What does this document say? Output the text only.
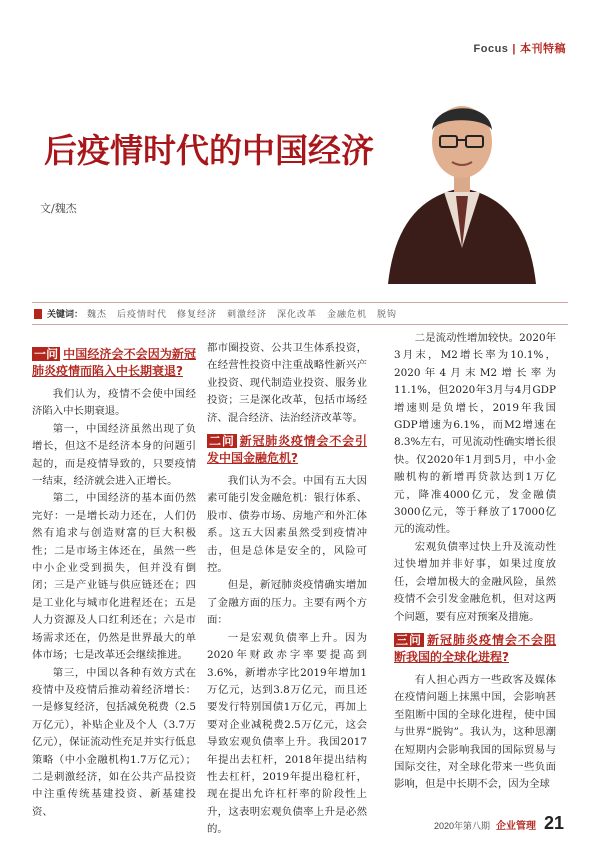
Focus | 本刊特稿
后疫情时代的中国经济
文/魏杰
关键词： 魏杰　后疫情时代　修复经济　刺激经济　深化改革　金融危机　脱钩
一问 中国经济会不会因为新冠肺炎疫情而陷入中长期衰退?

我们认为，疫情不会使中国经济陷入中长期衰退。

第一，中国经济虽然出现了负增长，但这不是经济本身的问题引起的，而是疫情导致的，只要疫情一结束，经济就会进入正增长。

第二，中国经济的基本面仍然完好：一是增长动力还在，人们仍然有追求与创造财富的巨大积极性；二是市场主体还在，虽然一些中小企业受到损失，但并没有倒闭；三是产业链与供应链还在；四是工业化与城市化进程还在；五是人力资源及人口红利还在；六是市场需求还在，仍然是世界最大的单体市场；七是改革还会继续推进。

第三，中国以各种有效方式在疫情中及疫情后推动着经济增长：一是修复经济，包括减免税费（2.5万亿元），补贴企业及个人（3.7万亿元），保证流动性充足并实行低息策略（中小金融机构1.7万亿元）；二是刺激经济，如在公共产品投资中注重传统基建投资、新基建投资、

都市圈投资、公共卫生体系投资，在经营性投资中注重战略性新兴产业投资、现代制造业投资、服务业投资；三是深化改革，包括市场经济、混合经济、法治经济改革等。

二问 新冠肺炎疫情会不会引发中国金融危机?

我们认为不会。中国有五大因素可能引发金融危机：银行体系、股市、债券市场、房地产和外汇体系。这五大因素虽然受到疫情冲击，但是总体是安全的，风险可控。

但是，新冠肺炎疫情确实增加了金融方面的压力。主要有两个方面：

一是宏观负债率上升。因为2020年财政赤字率要提高到3.6%，新增赤字比2019年增加1万亿元，达到3.8万亿元，而且还要发行特别国债1万亿元，再加上要对企业减税费2.5万亿元，这会导致宏观负债率上升。我国2017年提出去杠杆，2018年提出结构性去杠杆，2019年提出稳杠杆，现在提出允许杠杆率的阶段性上升，这表明宏观负债率上升是必然的。

二是流动性增加较快。2020年3月末，M2增长率为10.1%，2020年4月末M2增长率为11.1%，但2020年3月与4月GDP增速则是负增长，2019年我国GDP增速为6.1%，而M2增速在8.3%左右，可见流动性确实增长很快。仅2020年1月到5月，中小金融机构的新增再贷款达到1万亿元，降准4000亿元，发金融债3000亿元，等于释放了17000亿元的流动性。

宏观负债率过快上升及流动性过快增加并非好事，如果过度放任，会增加极大的金融风险，虽然疫情不会引发金融危机，但对这两个问题，要有应对预案及措施。

三问 新冠肺炎疫情会不会阻断我国的全球化进程?

有人担心西方一些政客及媒体在疫情问题上抹黑中国，会影响甚至阻断中国的全球化进程，使中国与世界“脱钩”。我认为，这种思潮在短期内会影响我国的国际贸易与国际交往，对全球化带来一些负面影响，但是中长期不会，因为全球

2020年第八期 企业管理 21
